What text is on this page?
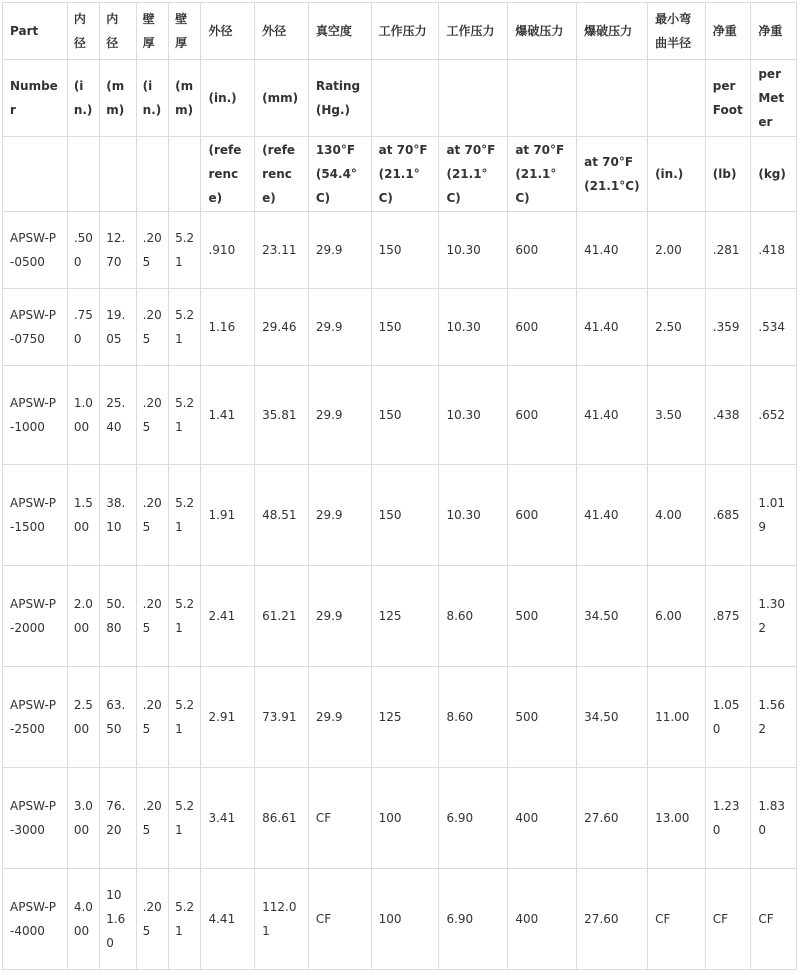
Part	内径	内径	壁厚	壁厚	外径	外径	真空度	工作压力	工作压力	爆破压力	爆破压力	最小弯曲半径	净重	净重
Number	(in.)	(mm)	(in.)	(mm)	(in.)	(mm)	Rating (Hg.)						per Foot	per Meter
					(reference)	(reference)	130°F (54.4°C)	at 70°F (21.1°C)	at 70°F (21.1°C)	at 70°F (21.1°C)	at 70°F (21.1°C)	(in.)	(lb)	(kg)
APSW-P-0500	.500	12.70	.205	5.21	.910	23.11	29.9	150	10.30	600	41.40	2.00	.281	.418
APSW-P-0750	.750	19.05	.205	5.21	1.16	29.46	29.9	150	10.30	600	41.40	2.50	.359	.534
APSW-P-1000	1.000	25.40	.205	5.21	1.41	35.81	29.9	150	10.30	600	41.40	3.50	.438	.652
APSW-P-1500	1.500	38.10	.205	5.21	1.91	48.51	29.9	150	10.30	600	41.40	4.00	.685	1.019
APSW-P-2000	2.000	50.80	.205	5.21	2.41	61.21	29.9	125	8.60	500	34.50	6.00	.875	1.302
APSW-P-2500	2.500	63.50	.205	5.21	2.91	73.91	29.9	125	8.60	500	34.50	11.00	1.050	1.562
APSW-P-3000	3.000	76.20	.205	5.21	3.41	86.61	CF	100	6.90	400	27.60	13.00	1.230	1.830
APSW-P-4000	4.000	101.60	.205	5.21	4.41	112.01	CF	100	6.90	400	27.60	CF	CF	CF
